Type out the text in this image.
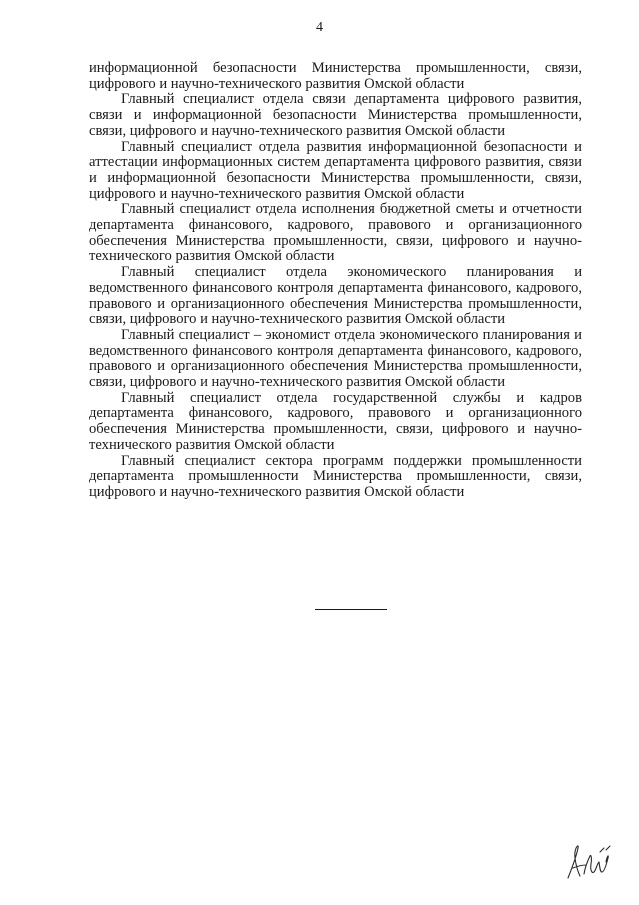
4

информационной безопасности Министерства промышленности, связи, цифрового и научно-технического развития Омской области

Главный специалист отдела связи департамента цифрового развития, связи и информационной безопасности Министерства промышленности, связи, цифрового и научно-технического развития Омской области

Главный специалист отдела развития информационной безопасности и аттестации информационных систем департамента цифрового развития, связи и информационной безопасности Министерства промышленности, связи, цифрового и научно-технического развития Омской области

Главный специалист отдела исполнения бюджетной сметы и отчетности департамента финансового, кадрового, правового и организационного обеспечения Министерства промышленности, связи, цифрового и научно-технического развития Омской области

Главный специалист отдела экономического планирования и ведомственного финансового контроля департамента финансового, кадрового, правового и организационного обеспечения Министерства промышленности, связи, цифрового и научно-технического развития Омской области

Главный специалист – экономист отдела экономического планирования и ведомственного финансового контроля департамента финансового, кадрового, правового и организационного обеспечения Министерства промышленности, связи, цифрового и научно-технического развития Омской области

Главный специалист отдела государственной службы и кадров департамента финансового, кадрового, правового и организационного обеспечения Министерства промышленности, связи, цифрового и научно-технического развития Омской области

Главный специалист сектора программ поддержки промышленности департамента промышленности Министерства промышленности, связи, цифрового и научно-технического развития Омской области
